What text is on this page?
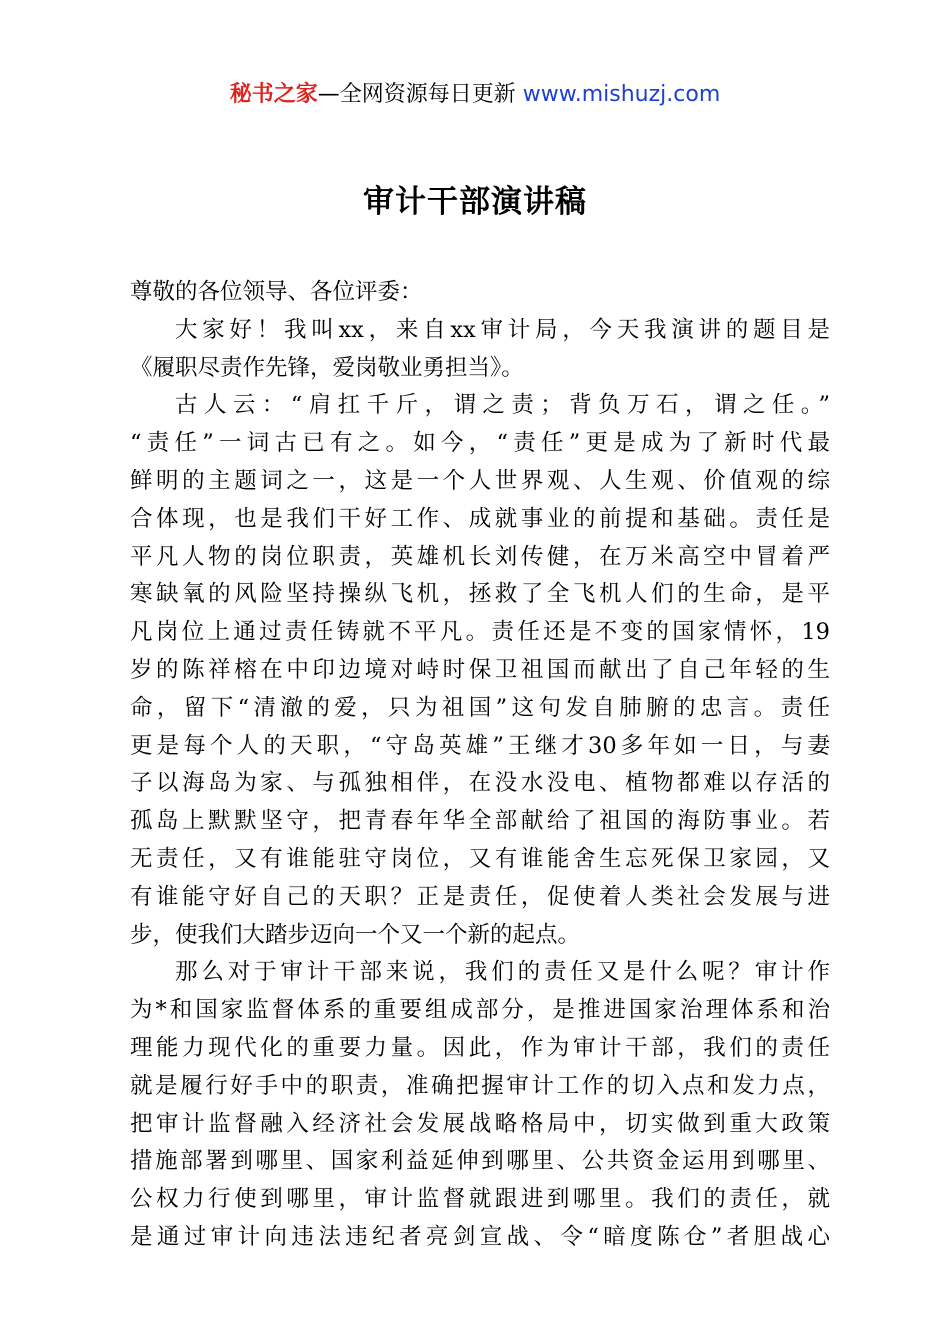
秘书之家—全网资源每日更新 www.mishuzj.com
审计干部演讲稿
尊敬的各位领导、各位评委：
大家好！我叫xx，来自xx审计局，今天我演讲的题目是
《履职尽责作先锋，爱岗敬业勇担当》。
古人云：“肩扛千斤，谓之责；背负万石，谓之任。”
“责任”一词古已有之。如今，“责任”更是成为了新时代最
鲜明的主题词之一，这是一个人世界观、人生观、价值观的综
合体现，也是我们干好工作、成就事业的前提和基础。责任是
平凡人物的岗位职责，英雄机长刘传健，在万米高空中冒着严
寒缺氧的风险坚持操纵飞机，拯救了全飞机人们的生命，是平
凡岗位上通过责任铸就不平凡。责任还是不变的国家情怀，19
岁的陈祥榕在中印边境对峙时保卫祖国而献出了自己年轻的生
命，留下“清澈的爱，只为祖国”这句发自肺腑的忠言。责任
更是每个人的天职，“守岛英雄”王继才30多年如一日，与妻
子以海岛为家、与孤独相伴，在没水没电、植物都难以存活的
孤岛上默默坚守，把青春年华全部献给了祖国的海防事业。若
无责任，又有谁能驻守岗位，又有谁能舍生忘死保卫家园，又
有谁能守好自己的天职？正是责任，促使着人类社会发展与进
步，使我们大踏步迈向一个又一个新的起点。
那么对于审计干部来说，我们的责任又是什么呢？审计作
为*和国家监督体系的重要组成部分，是推进国家治理体系和治
理能力现代化的重要力量。因此，作为审计干部，我们的责任
就是履行好手中的职责，准确把握审计工作的切入点和发力点，
把审计监督融入经济社会发展战略格局中，切实做到重大政策
措施部署到哪里、国家利益延伸到哪里、公共资金运用到哪里、
公权力行使到哪里，审计监督就跟进到哪里。我们的责任，就
是通过审计向违法违纪者亮剑宣战、令“暗度陈仓”者胆战心
